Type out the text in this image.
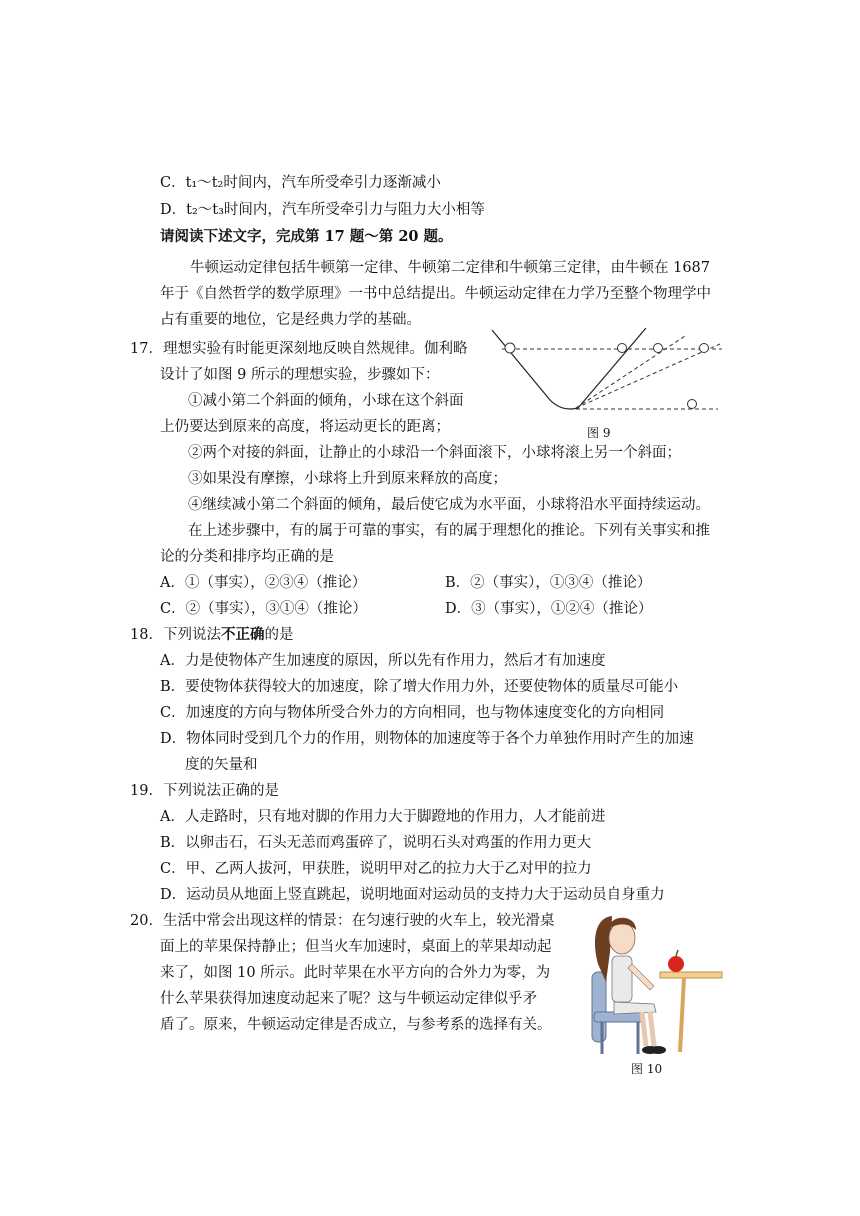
C．t₁～t₂时间内，汽车所受牵引力逐渐减小
D．t₂～t₃时间内，汽车所受牵引力与阻力大小相等
请阅读下述文字，完成第 17 题～第 20 题。
牛顿运动定律包括牛顿第一定律、牛顿第二定律和牛顿第三定律，由牛顿在 1687
年于《自然哲学的数学原理》一书中总结提出。牛顿运动定律在力学乃至整个物理学中
占有重要的地位，它是经典力学的基础。
17．理想实验有时能更深刻地反映自然规律。伽利略
设计了如图 9 所示的理想实验，步骤如下：
①减小第二个斜面的倾角，小球在这个斜面
上仍要达到原来的高度，将运动更长的距离；
②两个对接的斜面，让静止的小球沿一个斜面滚下，小球将滚上另一个斜面；
③如果没有摩擦，小球将上升到原来释放的高度；
④继续减小第二个斜面的倾角，最后使它成为水平面，小球将沿水平面持续运动。
在上述步骤中，有的属于可靠的事实，有的属于理想化的推论。下列有关事实和推
论的分类和排序均正确的是
A．①（事实），②③④（推论）	B．②（事实），①③④（推论）
C．②（事实），③①④（推论）	D．③（事实），①②④（推论）
图 9
18．下列说法不正确的是
A．力是使物体产生加速度的原因，所以先有作用力，然后才有加速度
B．要使物体获得较大的加速度，除了增大作用力外，还要使物体的质量尽可能小
C．加速度的方向与物体所受合外力的方向相同，也与物体速度变化的方向相同
D．物体同时受到几个力的作用，则物体的加速度等于各个力单独作用时产生的加速
度的矢量和
19．下列说法正确的是
A．人走路时，只有地对脚的作用力大于脚蹬地的作用力，人才能前进
B．以卵击石，石头无恙而鸡蛋碎了，说明石头对鸡蛋的作用力更大
C．甲、乙两人拔河，甲获胜，说明甲对乙的拉力大于乙对甲的拉力
D．运动员从地面上竖直跳起，说明地面对运动员的支持力大于运动员自身重力
20．生活中常会出现这样的情景：在匀速行驶的火车上，较光滑桌
面上的苹果保持静止；但当火车加速时，桌面上的苹果却动起
来了，如图 10 所示。此时苹果在水平方向的合外力为零，为
什么苹果获得加速度动起来了呢？这与牛顿运动定律似乎矛
盾了。原来，牛顿运动定律是否成立，与参考系的选择有关。
图 10
